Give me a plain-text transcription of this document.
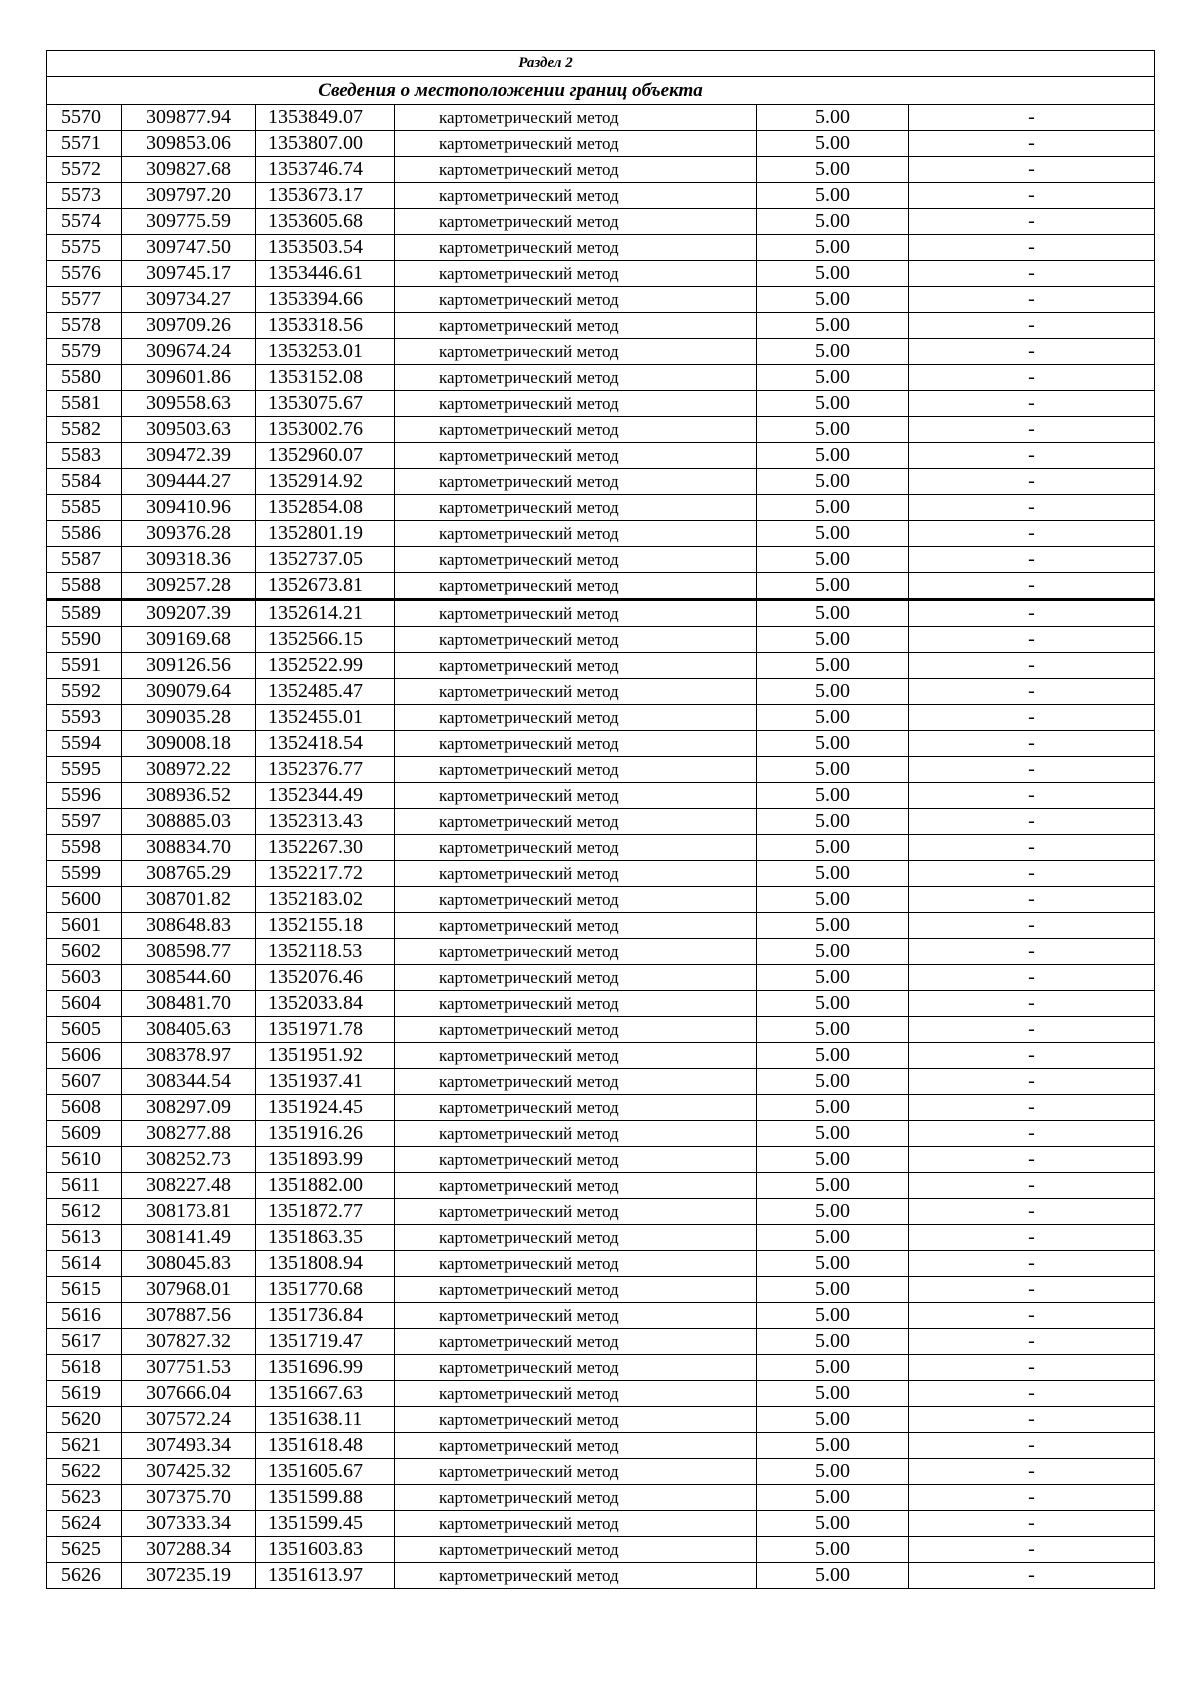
Раздел 2					
Сведения о местоположении границ объекта					
5570	309877.94	1353849.07	картометрический метод	5.00	-
5571	309853.06	1353807.00	картометрический метод	5.00	-
5572	309827.68	1353746.74	картометрический метод	5.00	-
5573	309797.20	1353673.17	картометрический метод	5.00	-
5574	309775.59	1353605.68	картометрический метод	5.00	-
5575	309747.50	1353503.54	картометрический метод	5.00	-
5576	309745.17	1353446.61	картометрический метод	5.00	-
5577	309734.27	1353394.66	картометрический метод	5.00	-
5578	309709.26	1353318.56	картометрический метод	5.00	-
5579	309674.24	1353253.01	картометрический метод	5.00	-
5580	309601.86	1353152.08	картометрический метод	5.00	-
5581	309558.63	1353075.67	картометрический метод	5.00	-
5582	309503.63	1353002.76	картометрический метод	5.00	-
5583	309472.39	1352960.07	картометрический метод	5.00	-
5584	309444.27	1352914.92	картометрический метод	5.00	-
5585	309410.96	1352854.08	картометрический метод	5.00	-
5586	309376.28	1352801.19	картометрический метод	5.00	-
5587	309318.36	1352737.05	картометрический метод	5.00	-
5588	309257.28	1352673.81	картометрический метод	5.00	-
5589	309207.39	1352614.21	картометрический метод	5.00	-
5590	309169.68	1352566.15	картометрический метод	5.00	-
5591	309126.56	1352522.99	картометрический метод	5.00	-
5592	309079.64	1352485.47	картометрический метод	5.00	-
5593	309035.28	1352455.01	картометрический метод	5.00	-
5594	309008.18	1352418.54	картометрический метод	5.00	-
5595	308972.22	1352376.77	картометрический метод	5.00	-
5596	308936.52	1352344.49	картометрический метод	5.00	-
5597	308885.03	1352313.43	картометрический метод	5.00	-
5598	308834.70	1352267.30	картометрический метод	5.00	-
5599	308765.29	1352217.72	картометрический метод	5.00	-
5600	308701.82	1352183.02	картометрический метод	5.00	-
5601	308648.83	1352155.18	картометрический метод	5.00	-
5602	308598.77	1352118.53	картометрический метод	5.00	-
5603	308544.60	1352076.46	картометрический метод	5.00	-
5604	308481.70	1352033.84	картометрический метод	5.00	-
5605	308405.63	1351971.78	картометрический метод	5.00	-
5606	308378.97	1351951.92	картометрический метод	5.00	-
5607	308344.54	1351937.41	картометрический метод	5.00	-
5608	308297.09	1351924.45	картометрический метод	5.00	-
5609	308277.88	1351916.26	картометрический метод	5.00	-
5610	308252.73	1351893.99	картометрический метод	5.00	-
5611	308227.48	1351882.00	картометрический метод	5.00	-
5612	308173.81	1351872.77	картометрический метод	5.00	-
5613	308141.49	1351863.35	картометрический метод	5.00	-
5614	308045.83	1351808.94	картометрический метод	5.00	-
5615	307968.01	1351770.68	картометрический метод	5.00	-
5616	307887.56	1351736.84	картометрический метод	5.00	-
5617	307827.32	1351719.47	картометрический метод	5.00	-
5618	307751.53	1351696.99	картометрический метод	5.00	-
5619	307666.04	1351667.63	картометрический метод	5.00	-
5620	307572.24	1351638.11	картометрический метод	5.00	-
5621	307493.34	1351618.48	картометрический метод	5.00	-
5622	307425.32	1351605.67	картометрический метод	5.00	-
5623	307375.70	1351599.88	картометрический метод	5.00	-
5624	307333.34	1351599.45	картометрический метод	5.00	-
5625	307288.34	1351603.83	картометрический метод	5.00	-
5626	307235.19	1351613.97	картометрический метод	5.00	-
